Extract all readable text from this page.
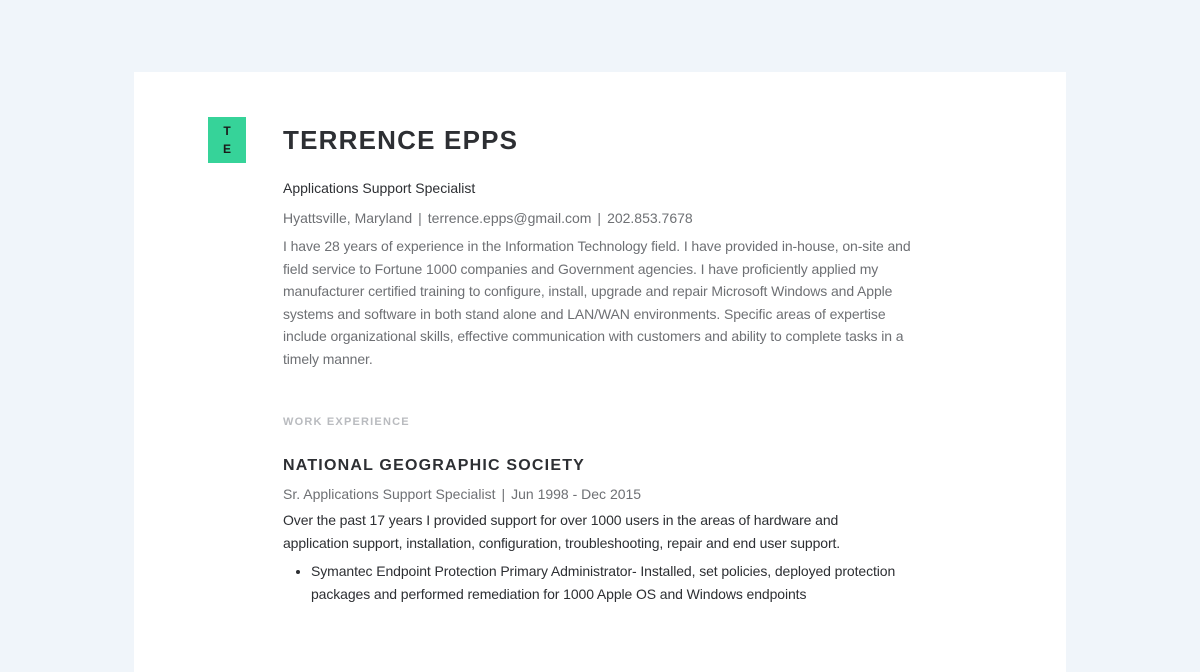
T
E TERRENCE EPPS
Applications Support Specialist
Hyattsville, Maryland | terrence.epps@gmail.com | 202.853.7678
I have 28 years of experience in the Information Technology field. I have provided in-house, on-site and field service to Fortune 1000 companies and Government agencies. I have proficiently applied my manufacturer certified training to configure, install, upgrade and repair Microsoft Windows and Apple systems and software in both stand alone and LAN/WAN environments. Specific areas of expertise include organizational skills, effective communication with customers and ability to complete tasks in a timely manner.
WORK EXPERIENCE
NATIONAL GEOGRAPHIC SOCIETY
Sr. Applications Support Specialist | Jun 1998 - Dec 2015
Over the past 17 years I provided support for over 1000 users in the areas of hardware and application support, installation, configuration, troubleshooting, repair and end user support.
• Symantec Endpoint Protection Primary Administrator- Installed, set policies, deployed protection packages and performed remediation for 1000 Apple OS and Windows endpoints
